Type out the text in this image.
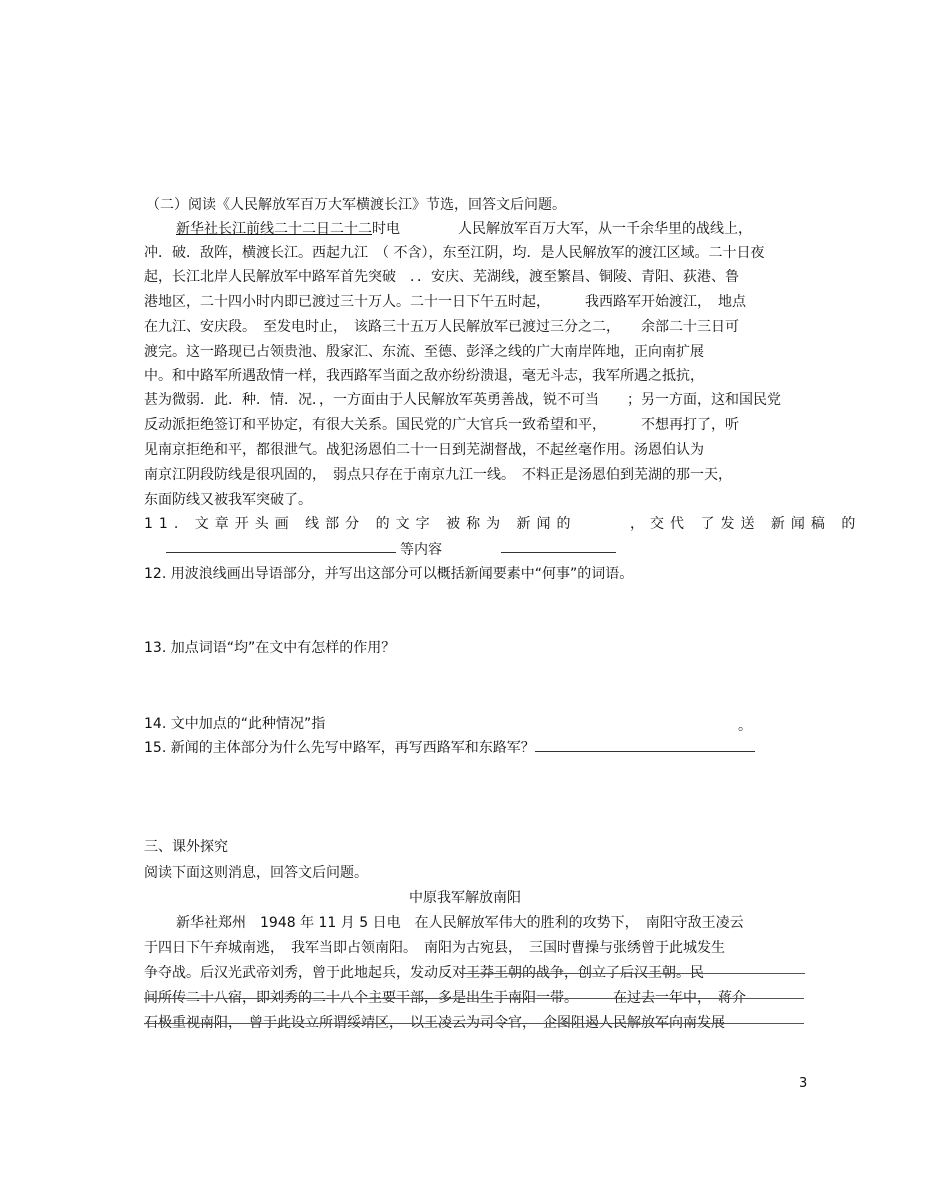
（二）阅读《人民解放军百万大军横渡长江》节选，回答文后问题。
新华社长江前线二十二日二十二时电	人民解放军百万大军，从一千余华里的战线上，
冲．破．敌阵，横渡长江。西起九江　（ 不含），东至江阴，均．是人民解放军的渡江区域。二十日夜
起，长江北岸人民解放军中路军首先突破　．．安庆、芜湖线，渡至繁昌、铜陵、青阳、荻港、鲁
港地区，二十四小时内即已渡过三十万人。二十一日下午五时起，　　　我西路军开始渡江，　地点
在九江、安庆段。　至发电时止，　该路三十五万人民解放军已渡过三分之二，　　余部二十三日可
渡完。这一路现已占领贵池、殷家汇、东流、至德、彭泽之线的广大南岸阵地，正向南扩展
中。和中路军所遇敌情一样，我西路军当面之敌亦纷纷溃退，毫无斗志，我军所遇之抵抗，
甚为微弱．此．种．情．况．，一方面由于人民解放军英勇善战，锐不可当　　；另一方面，这和国民党
反动派拒绝签订和平协定，有很大关系。国民党的广大官兵一致希望和平，　　　不想再打了，听
见南京拒绝和平，都很泄气。战犯汤恩伯二十一日到芜湖督战，不起丝毫作用。汤恩伯认为
南京江阴段防线是很巩固的，　弱点只存在于南京九江一线。　不料正是汤恩伯到芜湖的那一天，
东面防线又被我军突破了。
11. 文章开头画 线部分 的文字 被称为 新闻的	，交代 了发送 新闻稿 的
等内容
12. 用波浪线画出导语部分，并写出这部分可以概括新闻要素中“何事”的词语。
13. 加点词语“均”在文中有怎样的作用？
14. 文中加点的“此种情况”指	。
15. 新闻的主体部分为什么先写中路军，再写西路军和东路军？
三、课外探究
阅读下面这则消息，回答文后问题。
中原我军解放南阳
新华社郑州　1948 年 11 月 5 日电　在人民解放军伟大的胜利的攻势下，　南阳守敌王凌云
于四日下午弃城南逃，　我军当即占领南阳。　南阳为古宛县，　三国时曹操与张绣曾于此城发生
争夺战。后汉光武帝刘秀，曾于此地起兵，发动反对王莽王朝的战争，创立了后汉王朝。民
间所传二十八宿，即刘秀的二十八个主要干部，多是出生于南阳一带。　　　在过去一年中，　蒋介
石极重视南阳，　曾于此设立所谓绥靖区，　以王凌云为司令官，　企图阻遏人民解放军向南发展
3
